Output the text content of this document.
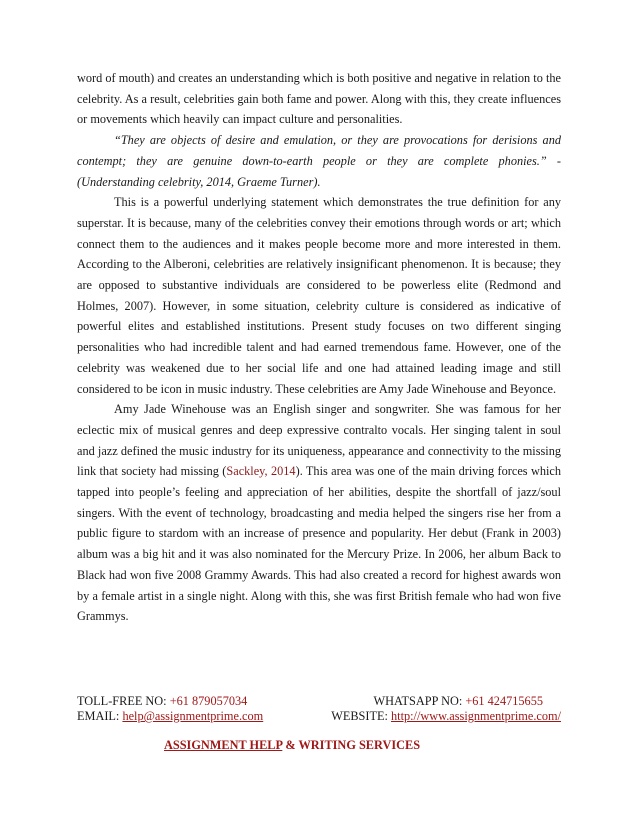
word of mouth) and creates an understanding which is both positive and negative in relation to the celebrity. As a result, celebrities gain both fame and power. Along with this, they create influences or movements which heavily can impact culture and personalities.

“They are objects of desire and emulation, or they are provocations for derisions and contempt; they are genuine down-to-earth people or they are complete phonies.” - (Understanding celebrity, 2014, Graeme Turner).

This is a powerful underlying statement which demonstrates the true definition for any superstar. It is because, many of the celebrities convey their emotions through words or art; which connect them to the audiences and it makes people become more and more interested in them. According to the Alberoni, celebrities are relatively insignificant phenomenon. It is because; they are opposed to substantive individuals are considered to be powerless elite (Redmond and Holmes, 2007). However, in some situation, celebrity culture is considered as indicative of powerful elites and established institutions. Present study focuses on two different singing personalities who had incredible talent and had earned tremendous fame. However, one of the celebrity was weakened due to her social life and one had attained leading image and still considered to be icon in music industry. These celebrities are Amy Jade Winehouse and Beyonce.

Amy Jade Winehouse was an English singer and songwriter. She was famous for her eclectic mix of musical genres and deep expressive contralto vocals. Her singing talent in soul and jazz defined the music industry for its uniqueness, appearance and connectivity to the missing link that society had missing (Sackley, 2014). This area was one of the main driving forces which tapped into people’s feeling and appreciation of her abilities, despite the shortfall of jazz/soul singers. With the event of technology, broadcasting and media helped the singers rise her from a public figure to stardom with an increase of presence and popularity. Her debut (Frank in 2003) album was a big hit and it was also nominated for the Mercury Prize. In 2006, her album Back to Black had won five 2008 Grammy Awards. This had also created a record for highest awards won by a female artist in a single night. Along with this, she was first British female who had won five Grammys.

TOLL-FREE NO: +61 879057034	WHATSAPP NO: +61 424715655
EMAIL: help@assignmentprime.com	WEBSITE: http://www.assignmentprime.com/
ASSIGNMENT HELP & WRITING SERVICES
